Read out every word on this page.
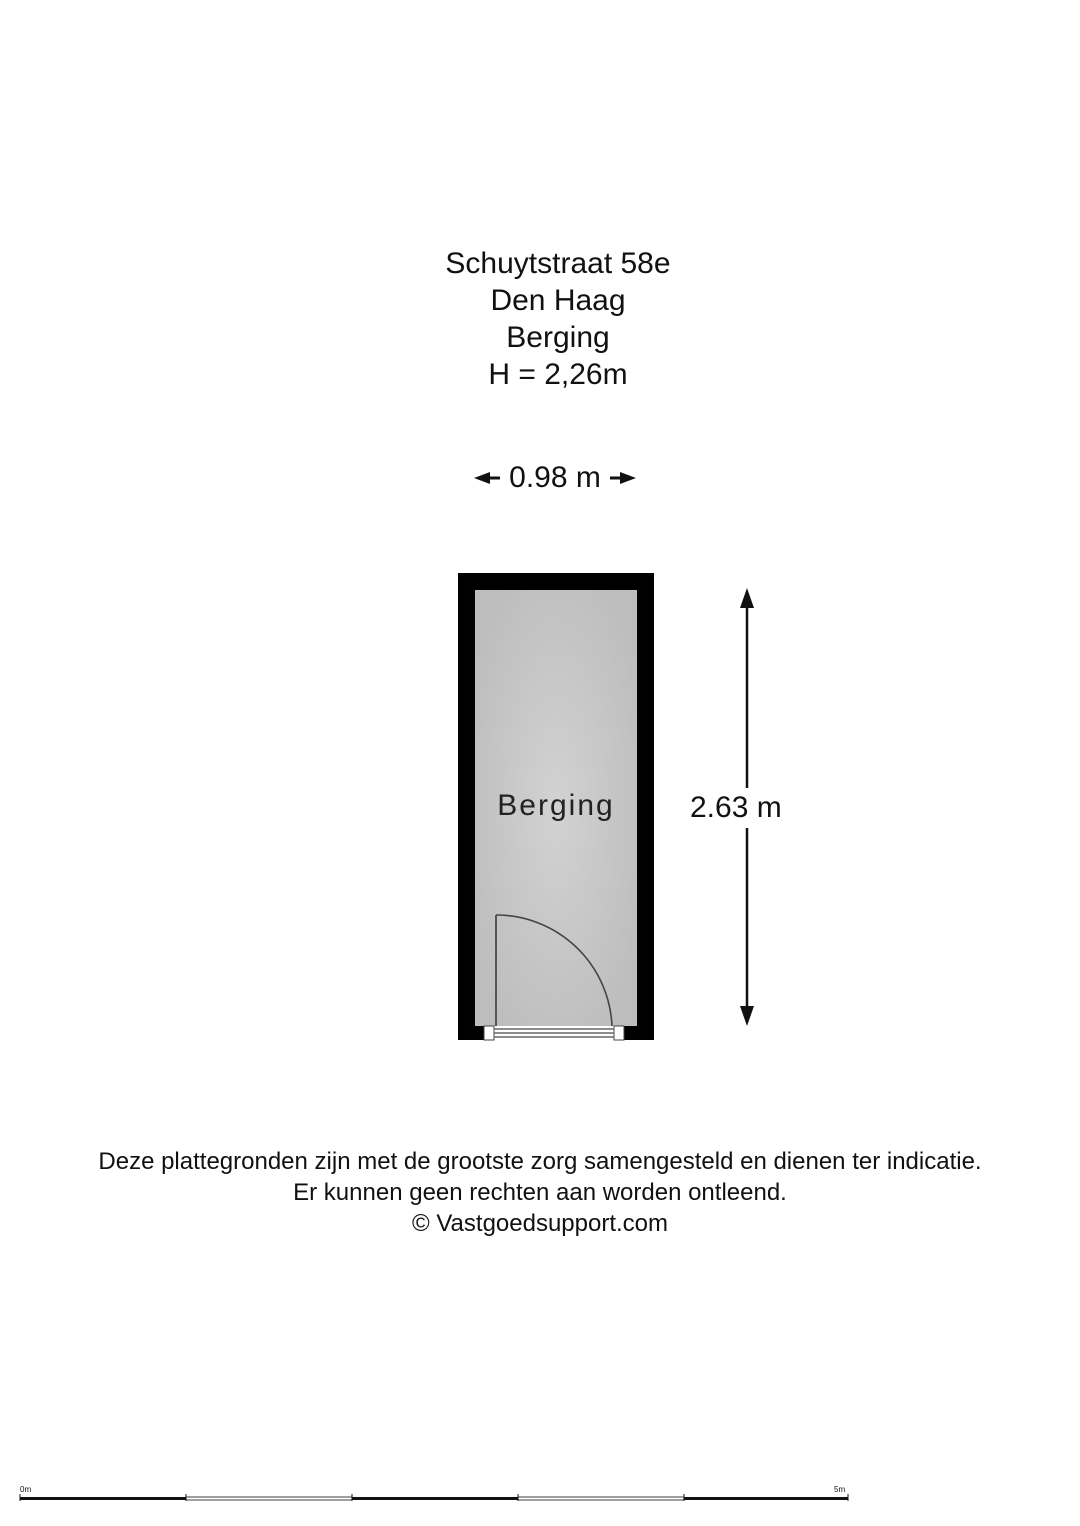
Schuytstraat 58e
Den Haag
Berging
H = 2,26m
0.98 m
Berging	2.63 m
Deze plattegronden zijn met de grootste zorg samengesteld en dienen ter indicatie.
Er kunnen geen rechten aan worden ontleend.
© Vastgoedsupport.com
0m	5m
